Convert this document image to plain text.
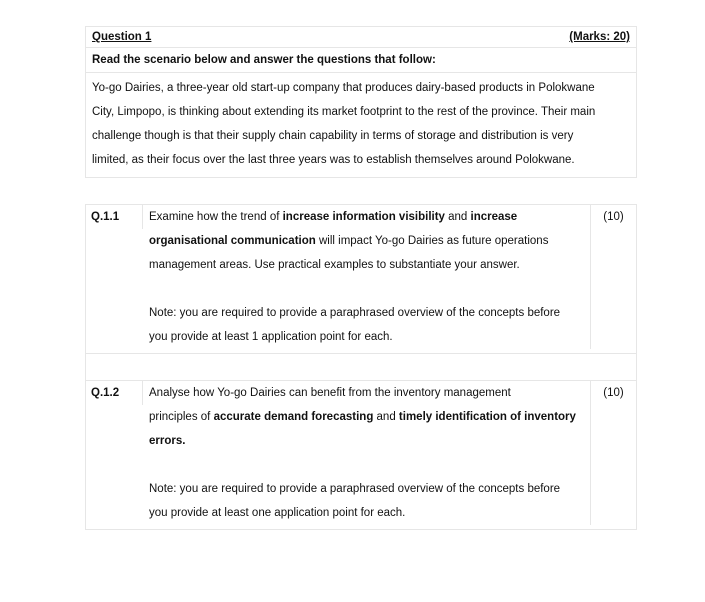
Question 1	(Marks: 20)
Read the scenario below and answer the questions that follow:
Yo-go Dairies, a three-year old start-up company that produces dairy-based products in Polokwane
City, Limpopo, is thinking about extending its market footprint to the rest of the province. Their main
challenge though is that their supply chain capability in terms of storage and distribution is very
limited, as their focus over the last three years was to establish themselves around Polokwane.
Q.1.1	Examine how the trend of increase information visibility and increase
organisational communication will impact Yo-go Dairies as future operations
management areas. Use practical examples to substantiate your answer.
Note: you are required to provide a paraphrased overview of the concepts before
you provide at least 1 application point for each.
(10)
Q.1.2	Analyse how Yo-go Dairies can benefit from the inventory management
principles of accurate demand forecasting and timely identification of inventory
errors.
Note: you are required to provide a paraphrased overview of the concepts before
you provide at least one application point for each.
(10)
